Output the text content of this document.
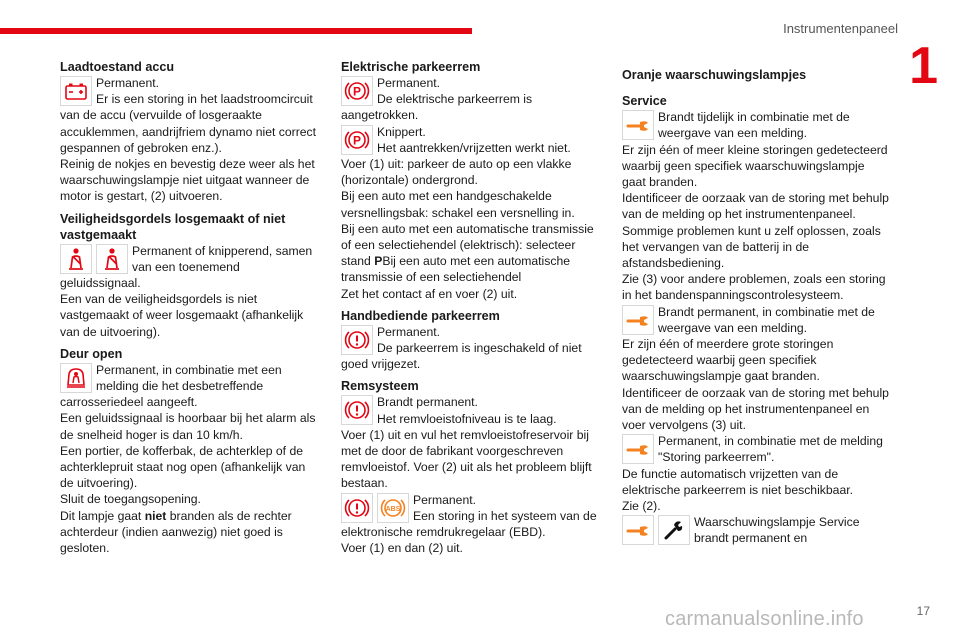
Instrumentenpaneel
1
Laadtoestand accu
Permanent.
Er is een storing in het laadstroomcircuit
van de accu (vervuilde of losgeraakte accuklemmen, aandrijfriem dynamo niet correct gespannen of gebroken enz.).
Reinig de nokjes en bevestig deze weer als het waarschuwingslampje niet uitgaat wanneer de motor is gestart, (2) uitvoeren.
Veiligheidsgordels losgemaakt of niet vastgemaakt
Permanent of knipperend, samen
van een toenemend
geluidssignaal.
Een van de veiligheidsgordels is niet vastgemaakt of weer losgemaakt (afhankelijk van de uitvoering).
Deur open
Permanent, in combinatie met een
melding die het desbetreffende
carrosseriedeel aangeeft.
Een geluidssignaal is hoorbaar bij het alarm als de snelheid hoger is dan 10 km/h.
Een portier, de kofferbak, de achterklep of de achterklepruit staat nog open (afhankelijk van de uitvoering).
Sluit de toegangsopening.
Dit lampje gaat niet branden als de rechter achterdeur (indien aanwezig) niet goed is gesloten.
Elektrische parkeerrem
P
Permanent.
De elektrische parkeerrem is
aangetrokken.
P
Knippert.
Het aantrekken/vrijzetten werkt niet.
Voer (1) uit: parkeer de auto op een vlakke (horizontale) ondergrond.
Bij een auto met een handgeschakelde versnellingsbak: schakel een versnelling in.
Bij een auto met een automatische transmissie of een selectiehendel (elektrisch): selecteer stand PBij een auto met een automatische transmissie of een selectiehendel
Zet het contact af en voer (2) uit.
Handbediende parkeerrem
Permanent.
De parkeerrem is ingeschakeld of niet
goed vrijgezet.
Remsysteem
Brandt permanent.
Het remvloeistofniveau is te laag.
Voer (1) uit en vul het remvloeistofreservoir bij met de door de fabrikant voorgeschreven remvloeistof. Voer (2) uit als het probleem blijft bestaan.
ABS
Permanent.
Een storing in het systeem van de
elektronische remdrukregelaar (EBD).
Voer (1) en dan (2) uit.
Oranje waarschuwingslampjes
Service
Brandt tijdelijk in combinatie met de
weergave van een melding.
Er zijn één of meer kleine storingen gedetecteerd waarbij geen specifiek waarschuwingslampje gaat branden.
Identificeer de oorzaak van de storing met behulp van de melding op het instrumentenpaneel.
Sommige problemen kunt u zelf oplossen, zoals het vervangen van de batterij in de afstandsbediening.
Zie (3) voor andere problemen, zoals een storing in het bandenspanningscontrolesysteem.
Brandt permanent, in combinatie met de
weergave van een melding.
Er zijn één of meerdere grote storingen gedetecteerd waarbij geen specifiek waarschuwingslampje gaat branden.
Identificeer de oorzaak van de storing met behulp van de melding op het instrumentenpaneel en voer vervolgens (3) uit.
Permanent, in combinatie met de melding
"Storing parkeerrem".
De functie automatisch vrijzetten van de elektrische parkeerrem is niet beschikbaar.
Zie (2).
Waarschuwingslampje Service
brandt permanent en
carmanualsonline.info	17
